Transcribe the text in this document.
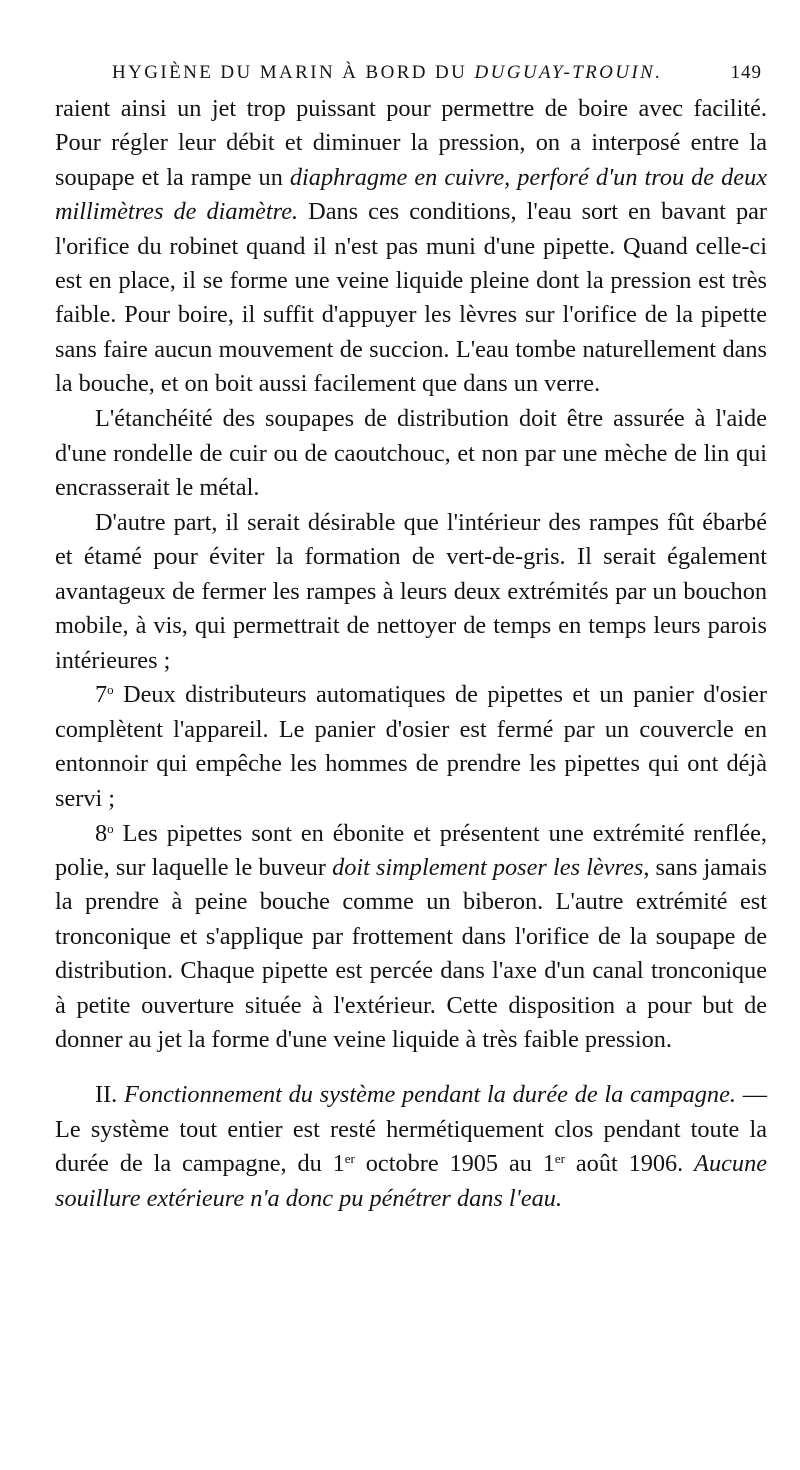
HYGIÈNE DU MARIN À BORD DU DUGUAY-TROUIN.	149

raient ainsi un jet trop puissant pour permettre de boire avec facilité. Pour régler leur débit et diminuer la pression, on a interposé entre la soupape et la rampe un diaphragme en cuivre, perforé d'un trou de deux millimètres de diamètre. Dans ces conditions, l'eau sort en bavant par l'orifice du robinet quand il n'est pas muni d'une pipette. Quand celle-ci est en place, il se forme une veine liquide pleine dont la pression est très faible. Pour boire, il suffit d'appuyer les lèvres sur l'orifice de la pipette sans faire aucun mouvement de succion. L'eau tombe naturellement dans la bouche, et on boit aussi facilement que dans un verre.

L'étanchéité des soupapes de distribution doit être assurée à l'aide d'une rondelle de cuir ou de caoutchouc, et non par une mèche de lin qui encrasserait le métal.

D'autre part, il serait désirable que l'intérieur des rampes fût ébarbé et étamé pour éviter la formation de vert-de-gris. Il serait également avantageux de fermer les rampes à leurs deux extrémités par un bouchon mobile, à vis, qui permettrait de nettoyer de temps en temps leurs parois intérieures ;

7$^o$ Deux distributeurs automatiques de pipettes et un panier d'osier complètent l'appareil. Le panier d'osier est fermé par un couvercle en entonnoir qui empêche les hommes de prendre les pipettes qui ont déjà servi ;

8$^o$ Les pipettes sont en ébonite et présentent une extrémité renflée, polie, sur laquelle le buveur doit simplement poser les lèvres, sans jamais la prendre à peine bouche comme un biberon. L'autre extrémité est tronconique et s'applique par frottement dans l'orifice de la soupape de distribution. Chaque pipette est percée dans l'axe d'un canal tronconique à petite ouverture située à l'extérieur. Cette disposition a pour but de donner au jet la forme d'une veine liquide à très faible pression.

II. Fonctionnement du système pendant la durée de la campagne. — Le système tout entier est resté hermétiquement clos pendant toute la durée de la campagne, du 1er octobre 1905 au 1er août 1906. Aucune souillure extérieure n'a donc pu pénétrer dans l'eau.
